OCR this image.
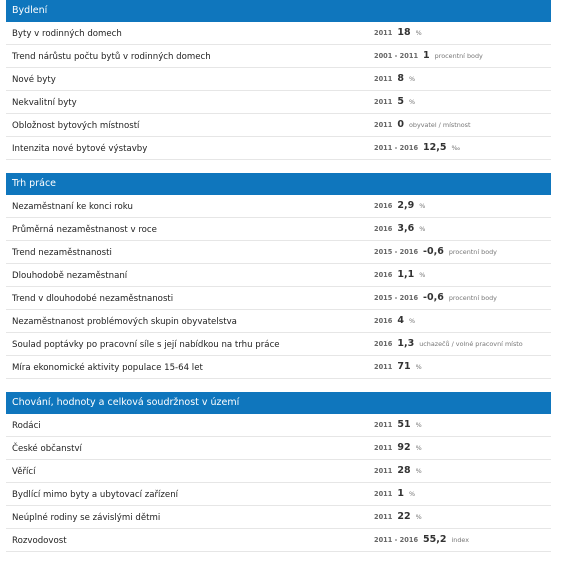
Bydlení
Byty v rodinných domech	2011 18 %
Trend nárůstu počtu bytů v rodinných domech	2001 - 2011 1 procentní body
Nové byty	2011 8 %
Nekvalitní byty	2011 5 %
Obložnost bytových místností	2011 0 obyvatel / místnost
Intenzita nové bytové výstavby	2011 - 2016 12,5 ‰
Trh práce
Nezaměstnaní ke konci roku	2016 2,9 %
Průměrná nezaměstnanost v roce	2016 3,6 %
Trend nezaměstnanosti	2015 - 2016 -0,6 procentní body
Dlouhodobě nezaměstnaní	2016 1,1 %
Trend v dlouhodobé nezaměstnanosti	2015 - 2016 -0,6 procentní body
Nezaměstnanost problémových skupin obyvatelstva	2016 4 %
Soulad poptávky po pracovní síle s její nabídkou na trhu práce	2016 1,3 uchazečů / volné pracovní místo
Míra ekonomické aktivity populace 15-64 let	2011 71 %
Chování, hodnoty a celková soudržnost v území
Rodáci	2011 51 %
České občanství	2011 92 %
Věřící	2011 28 %
Bydlící mimo byty a ubytovací zařízení	2011 1 %
Neúplné rodiny se závislými dětmi	2011 22 %
Rozvodovost	2011 - 2016 55,2 index
